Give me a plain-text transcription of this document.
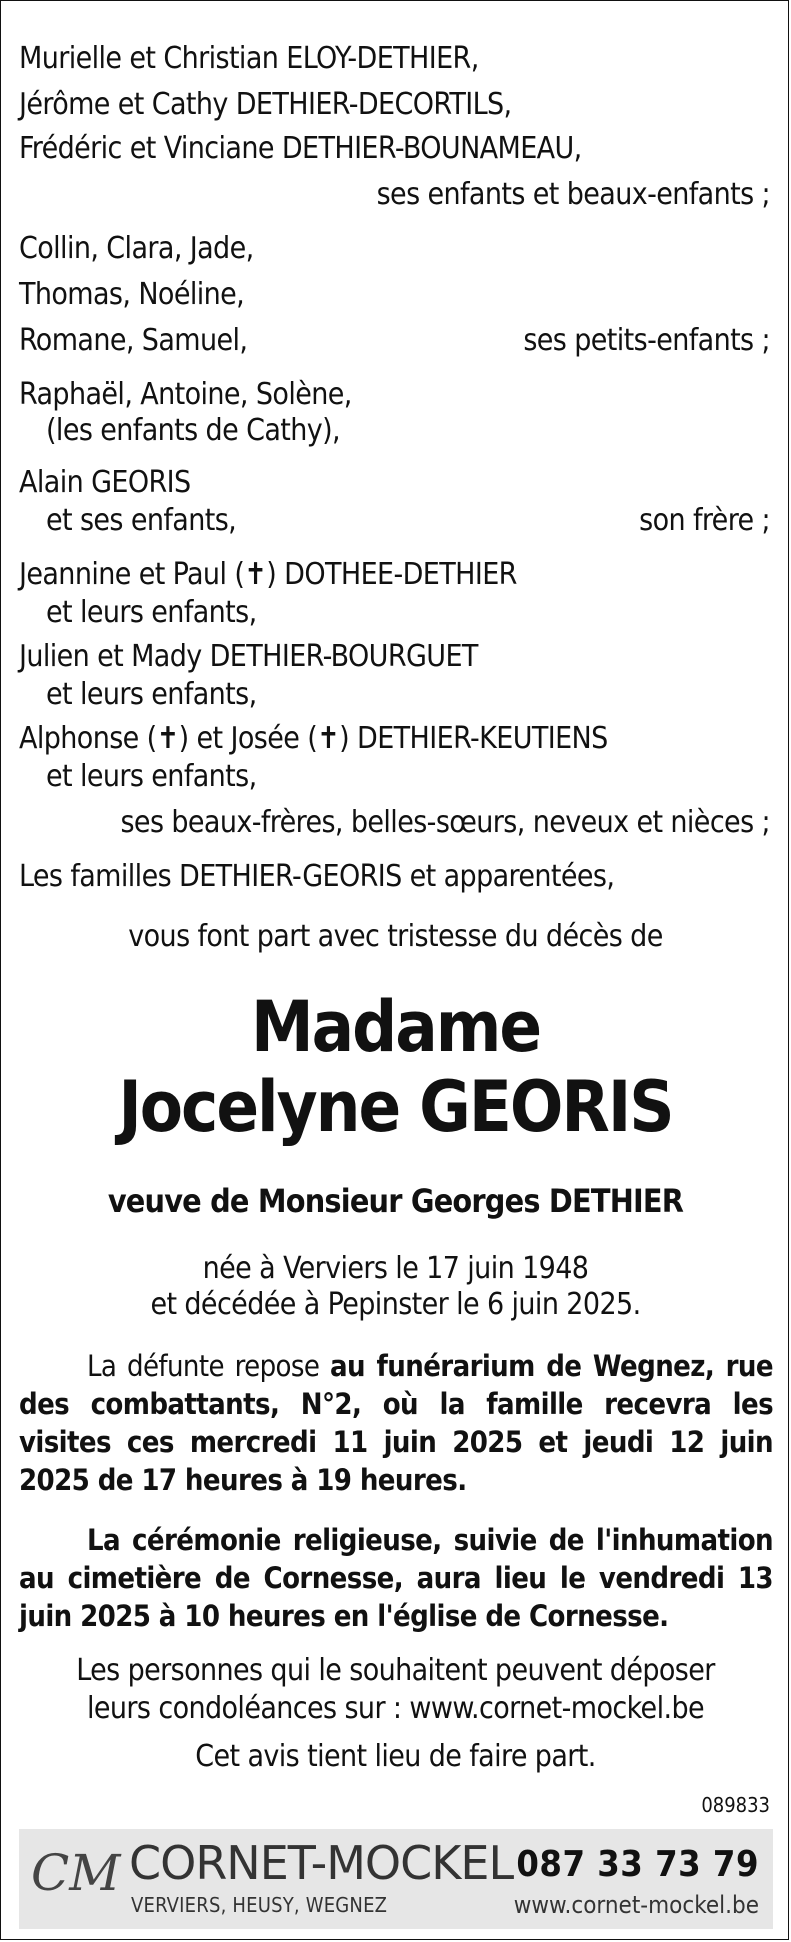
Murielle et Christian ELOY-DETHIER,
Jérôme et Cathy DETHIER-DECORTILS,
Frédéric et Vinciane DETHIER-BOUNAMEAU,
ses enfants et beaux-enfants ;
Collin, Clara, Jade,
Thomas, Noéline,
Romane, Samuel,	ses petits-enfants ;
Raphaël, Antoine, Solène,
(les enfants de Cathy),
Alain GEORIS
et ses enfants,	son frère ;
Jeannine et Paul (✝) DOTHEE-DETHIER
et leurs enfants,
Julien et Mady DETHIER-BOURGUET
et leurs enfants,
Alphonse (✝) et Josée (✝) DETHIER-KEUTIENS
et leurs enfants,
ses beaux-frères, belles-sœurs, neveux et nièces ;
Les familles DETHIER-GEORIS et apparentées,
vous font part avec tristesse du décès de
Madame
Jocelyne GEORIS
veuve de Monsieur Georges DETHIER
née à Verviers le 17 juin 1948
et décédée à Pepinster le 6 juin 2025.
La défunte repose au funérarium de Wegnez, rue des combattants, N°2, où la famille recevra les visites ces mercredi 11 juin 2025 et jeudi 12 juin 2025 de 17 heures à 19 heures.
La cérémonie religieuse, suivie de l'inhumation au cimetière de Cornesse, aura lieu le vendredi 13 juin 2025 à 10 heures en l'église de Cornesse.
Les personnes qui le souhaitent peuvent déposer
leurs condoléances sur : www.cornet-mockel.be
Cet avis tient lieu de faire part.
089833
CM CORNET-MOCKEL 087 33 73 79
VERVIERS, HEUSY, WEGNEZ	www.cornet-mockel.be
